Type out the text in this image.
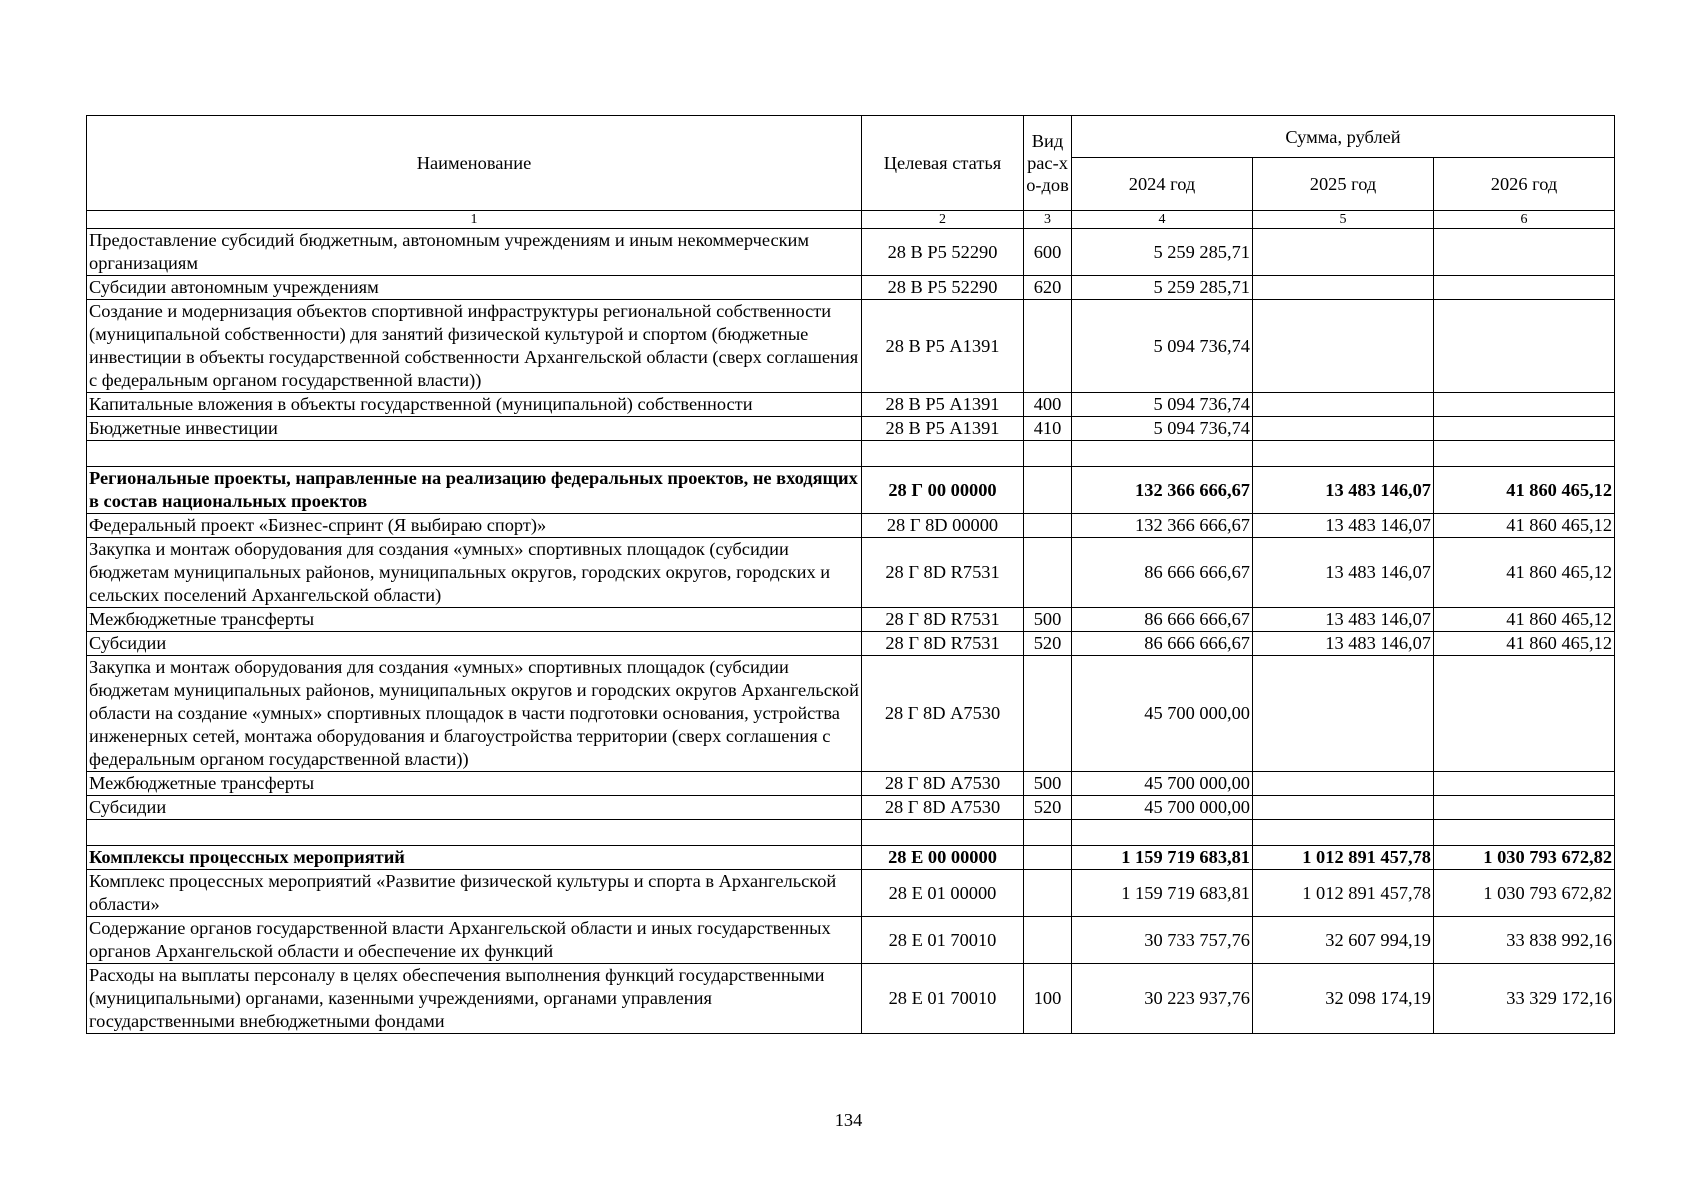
Наименование	Целевая статья	Вид рас-хо-дов	Сумма, рублей		
			2024 год	2025 год	2026 год
1	2	3	4	5	6
Предоставление субсидий бюджетным, автономным учреждениям и иным некоммерческим организациям	28 В Р5 52290	600	5 259 285,71		
Субсидии автономным учреждениям	28 В Р5 52290	620	5 259 285,71		
Создание и модернизация объектов спортивной инфраструктуры региональной собственности (муниципальной собственности) для занятий физической культурой и спортом (бюджетные инвестиции в объекты государственной собственности Архангельской области (сверх соглашения с федеральным органом государственной власти))	28 В Р5 А1391		5 094 736,74		
Капитальные вложения в объекты государственной (муниципальной) собственности	28 В Р5 А1391	400	5 094 736,74		
Бюджетные инвестиции	28 В Р5 А1391	410	5 094 736,74		

Региональные проекты, направленные на реализацию федеральных проектов, не входящих в состав национальных проектов	28 Г 00 00000		132 366 666,67	13 483 146,07	41 860 465,12
Федеральный проект «Бизнес-спринт (Я выбираю спорт)»	28 Г 8D 00000		132 366 666,67	13 483 146,07	41 860 465,12
Закупка и монтаж оборудования для создания «умных» спортивных площадок (субсидии бюджетам муниципальных районов, муниципальных округов, городских округов, городских и сельских поселений Архангельской области)	28 Г 8D R7531		86 666 666,67	13 483 146,07	41 860 465,12
Межбюджетные трансферты	28 Г 8D R7531	500	86 666 666,67	13 483 146,07	41 860 465,12
Субсидии	28 Г 8D R7531	520	86 666 666,67	13 483 146,07	41 860 465,12
Закупка и монтаж оборудования для создания «умных» спортивных площадок (субсидии бюджетам муниципальных районов, муниципальных округов и городских округов Архангельской области на создание «умных» спортивных площадок в части подготовки основания, устройства инженерных сетей, монтажа оборудования и благоустройства территории (сверх соглашения с федеральным органом государственной власти))	28 Г 8D А7530		45 700 000,00		
Межбюджетные трансферты	28 Г 8D А7530	500	45 700 000,00		
Субсидии	28 Г 8D А7530	520	45 700 000,00		

Комплексы процессных мероприятий	28 Е 00 00000		1 159 719 683,81	1 012 891 457,78	1 030 793 672,82
Комплекс процессных мероприятий «Развитие физической культуры и спорта в Архангельской области»	28 Е 01 00000		1 159 719 683,81	1 012 891 457,78	1 030 793 672,82
Содержание органов государственной власти Архангельской области и иных государственных органов Архангельской области и обеспечение их функций	28 Е 01 70010		30 733 757,76	32 607 994,19	33 838 992,16
Расходы на выплаты персоналу в целях обеспечения выполнения функций государственными (муниципальными) органами, казенными учреждениями, органами управления государственными внебюджетными фондами	28 Е 01 70010	100	30 223 937,76	32 098 174,19	33 329 172,16
134
